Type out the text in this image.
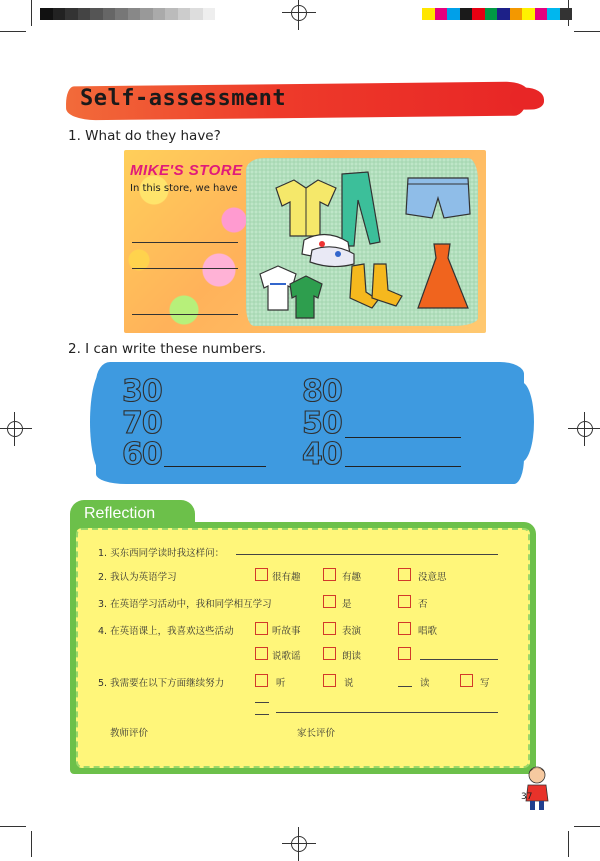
Self-assessment
1. What do they have?
MIKE'S STORE
In this store, we have
2. I can write these numbers.
30	80
70	50
60	40
Reflection
1. 买东西同学读时我这样问：
2. 我认为英语学习	很有趣	有趣	没意思
3. 在英语学习活动中，我和同学相互学习	是	否
4. 在英语课上，我喜欢这些活动	听故事	表演	唱歌
说歌谣	朗读
5. 我需要在以下方面继续努力	听	说	读	写
教师评价	家长评价
37
